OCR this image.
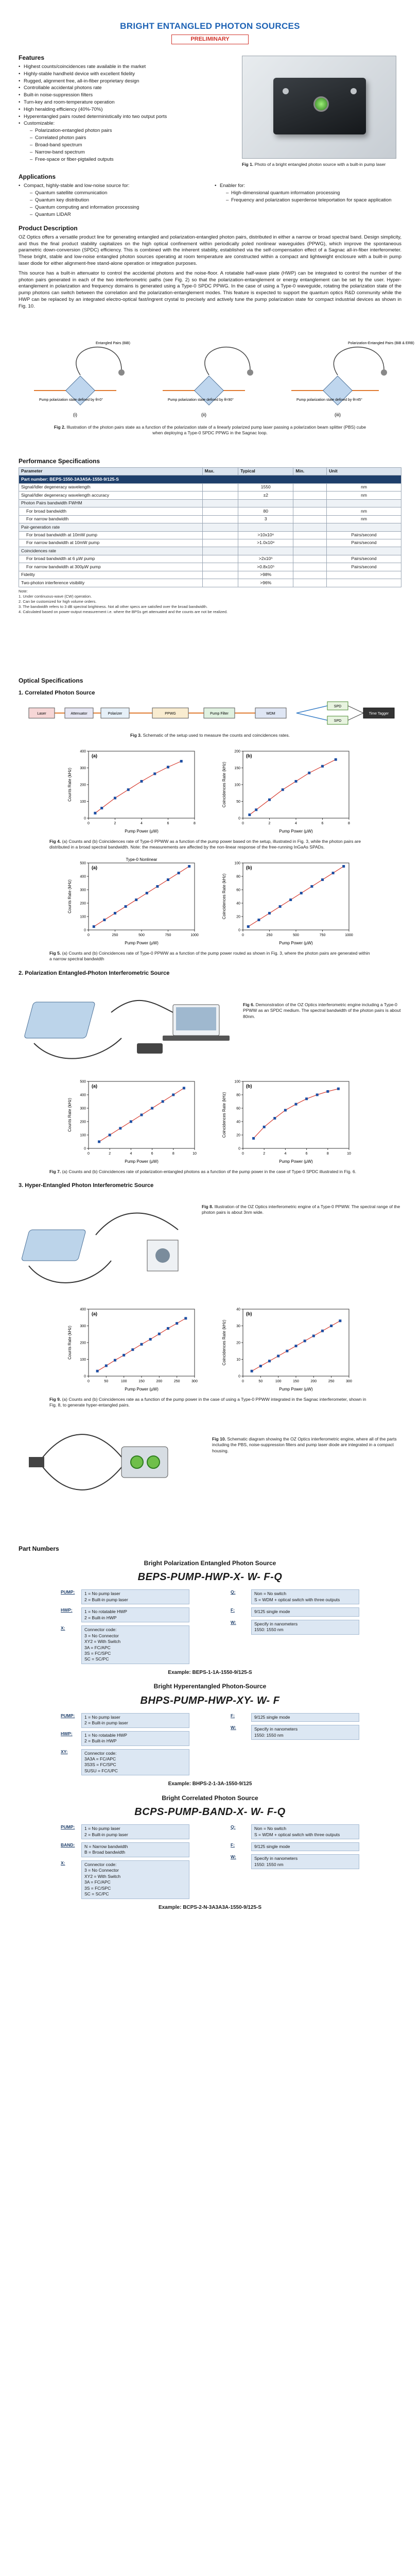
BRIGHT ENTANGLED PHOTON SOURCES
PRELIMINARY
Features
• Highest counts/coincidences rate available in the market
• Highly-stable handheld device with excellent fidelity
• Rugged, alignment free, all-in-fiber proprietary design
• Controllable accidental photons rate
• Built-in noise-suppression filters
• Turn-key and room-temperature operation
• High heralding efficiency (40%-70%)
• Hyperentangled pairs routed deterministically into two output ports
• Customizable:
– Polarization-entangled photon pairs
– Correlated photon pairs
– Broad-band spectrum
– Narrow-band spectrum
– Free-space or fiber-pigtailed outputs
Fig 1. Photo of a bright entangled photon source with a built-in pump laser
Applications
• Compact, highly-stable and low-noise source for:
– Quantum satellite communication
– Quantum key distribution
– Quantum computing and information processing
– Quantum LIDAR
• Enabler for:
– High-dimensional quantum information processing
– Frequency and polarization superdense teleportation for space application
Product Description

OZ Optics offers a versatile product line for generating entangled and polarization-entangled photon pairs, distributed in either a narrow or broad spectral band. Design simplicity, and thus the final product stability capitalizes on the high optical confinement within periodically poled nonlinear waveguides (PPWG), which improve the spontaneous parametric down-conversion (SPDC) efficiency. This is combined with the inherent stability, established via the self-compensation effect of a Sagnac all-in-fiber interferometer. These bright, stable and low-noise entangled photon sources operating at room temperature are constructed within a compact and lightweight enclosure with a built-in pump laser diode for either alignment-free stand-alone operation or integration purposes.

This source has a built-in attenuator to control the accidental photons and the noise-floor. A rotatable half-wave plate (HWP) can be integrated to control the number of the photon pairs generated in each of the two interferometric paths (see Fig. 2) so that the polarization-entanglement or energy entanglement can be set by the user. Hyper-entanglement in polarization and frequency domains is generated using a Type-0 SPDC PPWG. In the case of using a Type-0 waveguide, rotating the polarization state of the pump photons can switch between the correlation and the polarization-entanglement modes. This feature is expected to support the quantum optics R&D community while the HWP can be replaced by an integrated electro-optical fast/ingrent crystal to precisely and actively tune the pump polarization state for compact industrial devices as shown in Fig. 10.

(i)
Pump polarization state defined by θ=0°
Entangled Pairs (BiB)
(ii)
Pump polarization state defined by θ=90°
(iii)
Pump polarization state defined by θ=45°
Polarization-Entangled Pairs (BiB & ERB)
Fig 2. Illustration of the photon pairs state as a function of the polarization state of a linearly polarized pump laser passing a polarization beam splitter (PBS) cube when deploying a Type-0 SPDC PPWG in the Sagnac loop.
Performance Specifications
Parameter	Max.	Typical	Min.	Unit
Part number: BEPS-1550-3A3A5A-1550-9/125-S				
Signal/Idler degeneracy wavelength		1550		nm
Signal/Idler degeneracy wavelength accuracy		±2		nm
Photon Pairs bandwidth FWHM				
For broad bandwidth		80		nm
For narrow bandwidth		3		nm
Pair-generation rate				
For broad bandwidth at 10mW pump		>10x10⁸		Pairs/second
For narrow bandwidth at 10mW pump		>1.0x10⁸		Pairs/second
Coincidences rate				
For broad bandwidth at 6 µW pump		>2x10⁵		Pairs/second
For narrow bandwidth at 300µW pump		>0.8x10⁵		Pairs/second
Fidelity		>98%		
Two-photon interference visibility		>96%		
Note:
1. Under continuous-wave (CW) operation.
2. Can be customized for high volume orders.
3. The bandwidth refers to 3 dB spectral brightness. Not all other specs are satisfied over the broad bandwidth.
4. Calculated based on power-output measurement i.e. where the BPSs get attenuated and the counts are not be realized.
Optical Specifications
1. Correlated Photon Source
Laser	Attenuator	Polarizer	PPWG	Pump Filter	WDM
SPD
SPD
Time Tagger
Fig 3. Schematic of the setup used to measure the counts and coincidences rates.
0	2	4	6	8
0
100
200
300
400
Pump Power (µW)
Counts Rate (kHz)
(a)
0	2	4	6	8
0
50
100
150
200
Pump Power (µW)
Coincidences Rate (kHz)
(b)
Fig 4. (a) Counts and (b) Coincidences rate of Type-0 PPWW as a function of the pump power based on the setup, illustrated in Fig. 3, while the photon pairs are distributed in a broad spectral bandwidth. Note: the measurements are affected by the non-linear response of the free-running InGaAs SPADs.
0	250	500	750	1000
0
100
200
300
400
500
Pump Power (µW)
Counts Rate (kHz)
Type-0 Nonlinear
(a)
0	250	500	750	1000
0
20
40
60
80
100
Pump Power (µW)
Coincidences Rate (kHz)
(b)
Fig 5. (a) Counts and (b) Coincidences rate of Type-0 PPWW as a function of the pump power routed as shown in Fig. 3, where the photon pairs are generated within a narrow spectral bandwidth
2. Polarization Entangled-Photon Interferometric Source
Fig 6. Demonstration of the OZ Optics interferometric engine including a Type-0 PPWW as an SPDC medium. The spectral bandwidth of the photon pairs is about 80nm.
0	2	4	6	8	10
0
100
200
300
400
500
Pump Power (µW)
Counts Rate (kHz)
(a)
0	2	4	6	8	10
0
20
40
60
80
100
Pump Power (µW)
Coincidences Rate (kHz)
(b)
Fig 7. (a) Counts and (b) Coincidences rate of polarization-entangled photons as a function of the pump power in the case of Type-0 SPDC illustrated in Fig. 6.
3. Hyper-Entangled Photon Interferometric Source
Fig 8. Illustration of the OZ Optics interferometric engine of a Type-0 PPWW. The spectral range of the photon pairs is about 3nm wide.
0	50	100	150	200	250	300
0
100
200
300
400
Pump Power (µW)
Counts Rate (kHz)
(a)
0	50	100	150	200	250	300
0
10
20
30
40
Pump Power (µW)
Coincidences Rate (kHz)
(b)
Fig 9. (a) Counts and (b) Coincidences rate as a function of the pump power in the case of using a Type-0 PPWW integrated in the Sagnac interferometer, shown in Fig. 8, to generate hyper-entangled pairs.
Fig 10. Schematic diagram showing the OZ Optics interferometric engine, where all of the parts including the PBS, noise-suppression filters and pump laser diode are integrated in a compact housing.
Part Numbers
Bright Polarization Entangled Photon Source
BEPS-PUMP-HWP-X- W- F-Q
PUMP:	1 = No pump laser
2 = Built-in pump laser
HWP:	1 = No rotatable HWP
2 = Built-in HWP
X:	Connector code:
3 = No Connector
XY2 = With Switch
3A = FC/APC
3S = FC/SPC
SC = SC/PC
Q:	Non = No switch
S = WDM + optical switch with three outputs
F:	9/125 single mode
W:	Specify in nanometers
1550: 1550 nm
Example: BEPS-1-1A-1550-9/125-S
Bright Hyperentangled Photon-Source
BHPS-PUMP-HWP-XY- W- F
PUMP:	1 = No pump laser
2 = Built-in pump laser
HWP:	1 = No rotatable HWP
2 = Built-in HWP
XY:	Connector code:
3A3A = FC/APC
3S3S = FC/SPC
SUSU = FC/UPC
F:	9/125 single mode
W:	Specify in nanometers
1550: 1550 nm
Example: BHPS-2-1-3A-1550-9/125
Bright Correlated Photon Source
BCPS-PUMP-BAND-X- W- F-Q
PUMP:	1 = No pump laser
2 = Built-in pump laser
BAND:	N = Narrow bandwidth
B = Broad bandwidth
X:	Connector code:
3 = No Connector
XY2 = With Switch
3A = FC/APC
3S = FC/SPC
SC = SC/PC
Q:	Non = No switch
S = WDM + optical switch with three outputs
F:	9/125 single mode
W:	Specify in nanometers
1550: 1550 nm
Example: BCPS-2-N-3A3A3A-1550-9/125-S
